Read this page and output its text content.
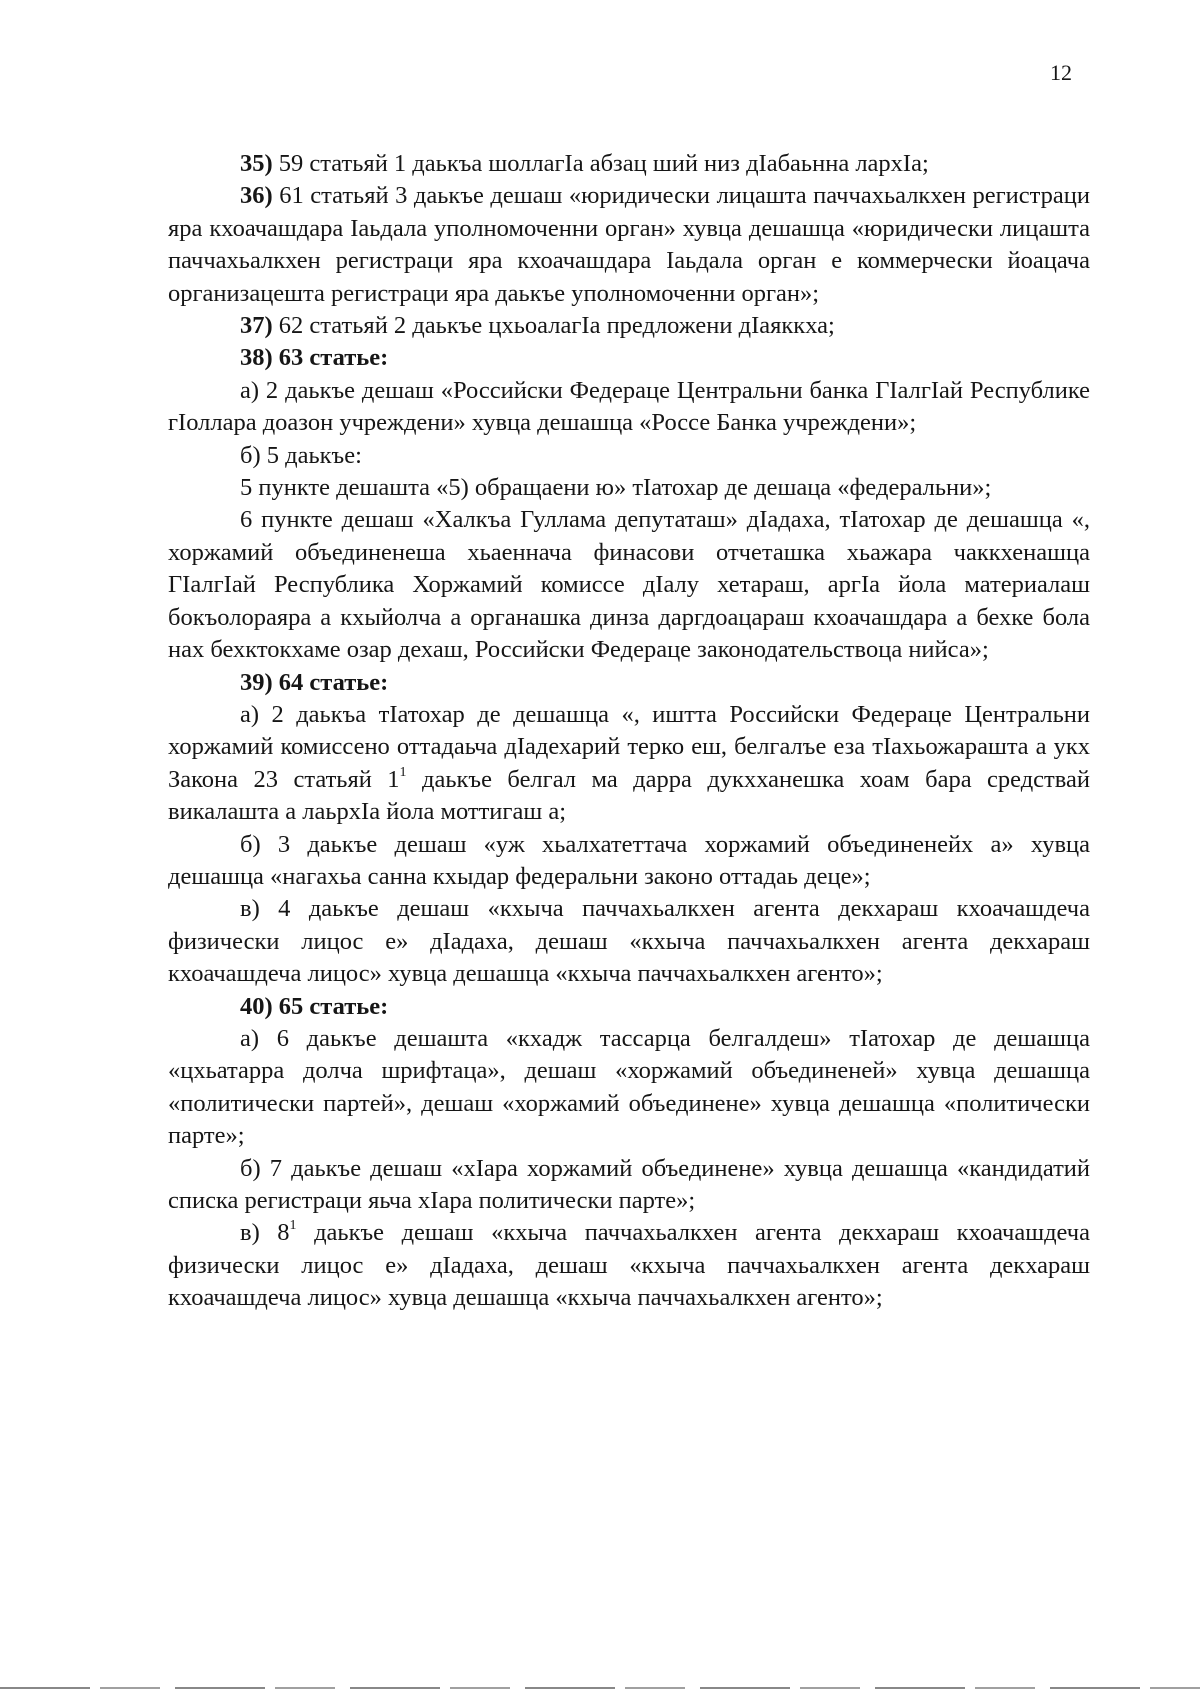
12

35) 59 статьяй 1 даькъа шоллагIа абзац ший низ дIабаьнна лархIа;

36) 61 статьяй 3 даькъе дешаш «юридически лицашта паччахьалкхен регистраци яра кхоачашдара Iаьдала уполномоченни орган» хувца дешашца «юридически лицашта паччахьалкхен регистраци яра кхоачашдара Iаьдала орган е коммерчески йоацача организацешта регистраци яра даькъе уполномоченни орган»;

37) 62 статьяй 2 даькъе цхьоалагIа предложени дIаяккха;

38) 63 статье:

а) 2 даькъе дешаш «Российски Федераце Центральни банка ГIалгIай Республике гIоллара доазон учреждени» хувца дешашца «Россе Банка учреждени»;

б) 5 даькъе:

5 пункте дешашта «5) обращаени ю» тIатохар де дешаца «федеральни»;

6 пункте дешаш «Халкъа Гуллама депутаташ» дIадаха, тIатохар де дешашца «, хоржамий объединенеша хьаеннача финасови отчеташка хьажара чаккхенашца ГIалгIай Республика Хоржамий комиссе дIалу хетараш, аргIа йола материалаш бокъолораяра а кхыйолча а органашка динза даргдоацараш кхоачашдара а бехке бола нах бехктокхаме озар дехаш, Российски Федераце законодательствоца нийса»;

39) 64 статье:

а) 2 даькъа тIатохар де дешашца «, иштта Российски Федераце Центральни хоржамий комиссено оттадаьча дIадехарий терко еш, белгалъе еза тIахьожараштa а укх Закона 23 статьяй $1^1$ даькъе белгал ма дарра дукхханешка хоам бара средствай викалашта а лаьрхIа йола моттигаш а;

б) 3 даькъе дешаш «уж хьалхатеттача хоржамий объединенейх а» хувца дешашца «нагахьа санна кхыдар федеральни законо оттадаь деце»;

в) 4 даькъе дешаш «кхыча паччахьалкхен агента декхараш кхоачашдеча физически лицос е» дIадаха, дешаш «кхыча паччахьалкхен агента декхараш кхоачашдеча лицос» хувца дешашца «кхыча паччахьалкхен агенто»;

40) 65 статье:

а) 6 даькъе дешашта «кхадж тассарца белгалдеш» тIатохар де дешашца «цхьатарра долча шрифтаца», дешаш «хоржамий объединеней» хувца дешашца «политически партей», дешаш «хоржамий объединене» хувца дешашца «политически парте»;

б) 7 даькъе дешаш «хIара хоржамий объединене» хувца дешашца «кандидатий списка регистраци яьча хIара политически парте»;

в) $8^1$ даькъе дешаш «кхыча паччахьалкхен агента декхараш кхоачашдеча физически лицос е» дIадаха, дешаш «кхыча паччахьалкхен агента декхараш кхоачашдеча лицос» хувца дешашца «кхыча паччахьалкхен агенто»;
